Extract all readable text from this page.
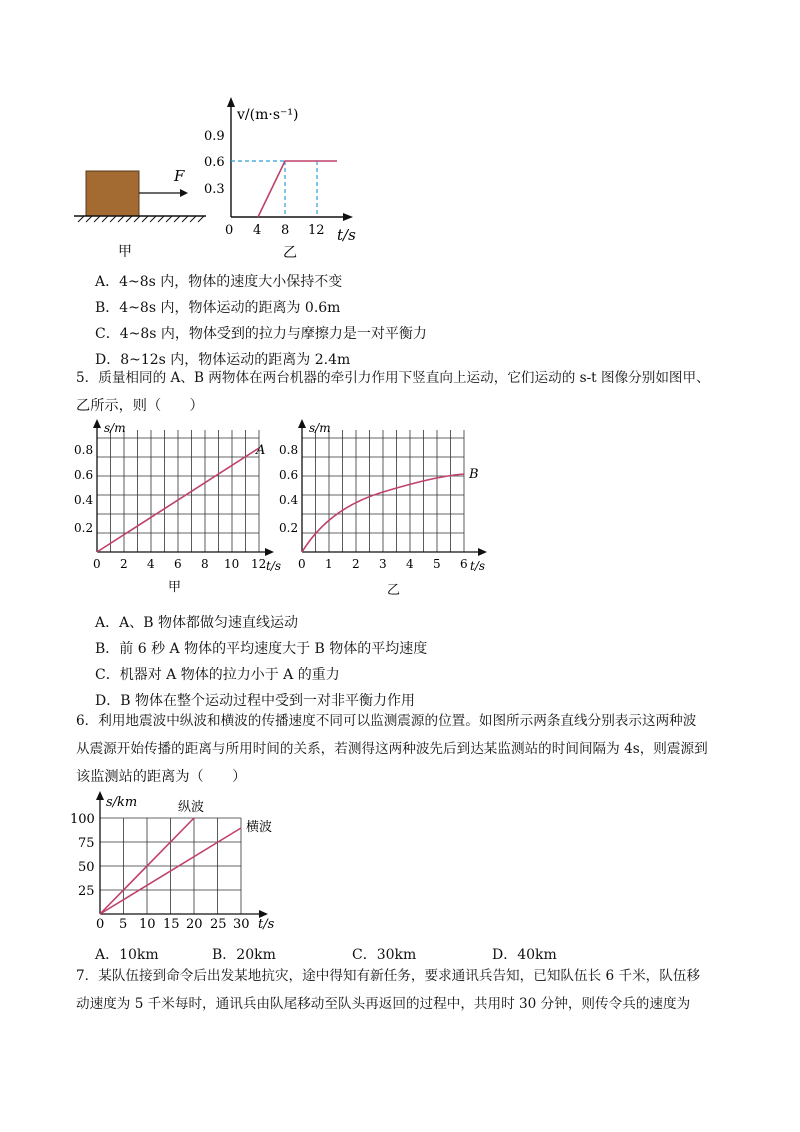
F
甲
v/(m·s⁻¹)
t/s
0.9
0.6
0.3
0 4 8 12
乙
A．4~8s 内，物体的速度大小保持不变
B．4~8s 内，物体运动的距离为 0.6m
C．4~8s 内，物体受到的拉力与摩擦力是一对平衡力
D．8~12s 内，物体运动的距离为 2.4m
5．质量相同的 A、B 两物体在两台机器的牵引力作用下竖直向上运动，它们运动的 s-t 图像分别如图甲、
乙所示，则（　　）
s/m
t/s
0.8
0.6
0.4
0.2
0 2 4 6 8 10 12
A
甲
s/m
t/s
0.8
0.6
0.4
0.2
0 1 2 3 4 5 6
B
乙
A．A、B 物体都做匀速直线运动
B．前 6 秒 A 物体的平均速度大于 B 物体的平均速度
C．机器对 A 物体的拉力小于 A 的重力
D．B 物体在整个运动过程中受到一对非平衡力作用
6．利用地震波中纵波和横波的传播速度不同可以监测震源的位置。如图所示两条直线分别表示这两种波
从震源开始传播的距离与所用时间的关系，若测得这两种波先后到达某监测站的时间间隔为 4s，则震源到
该监测站的距离为（　　）
s/km
t/s
100
75
50
25
0 5 10 15 20 25 30
纵波
横波
A．10km	B．20km	C．30km	D．40km
7．某队伍接到命令后出发某地抗灾，途中得知有新任务，要求通讯兵告知，已知队伍长 6 千米，队伍移
动速度为 5 千米每时，通讯兵由队尾移动至队头再返回的过程中，共用时 30 分钟，则传令兵的速度为
